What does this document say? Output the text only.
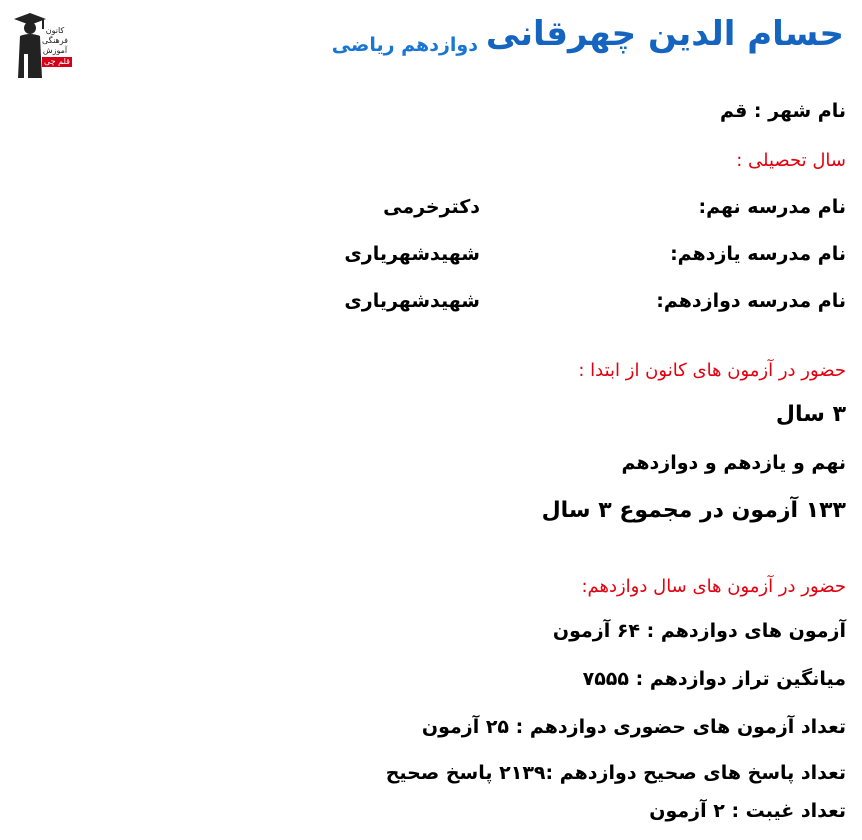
کانون
فرهنگی
آموزش
قلم چی
حسام الدین چهرقانی
دوازدهم ریاضی
نام شهر : قم
سال تحصیلی :
نام مدرسه نهم:
دکترخرمی
نام مدرسه یازدهم:
شهیدشهریاری
نام مدرسه دوازدهم:
شهیدشهریاری
حضور در آزمون های کانون از ابتدا :
۳ سال
نهم و یازدهم و دوازدهم
۱۳۳ آزمون در مجموع ۳ سال
حضور در آزمون های سال دوازدهم:
آزمون های دوازدهم : ۶۴ آزمون
میانگین تراز دوازدهم : ۷۵۵۵
تعداد آزمون های حضوری دوازدهم : ۲۵ آزمون
تعداد پاسخ های صحیح دوازدهم :۲۱۳۹ پاسخ صحیح
تعداد غیبت : ۲ آزمون
